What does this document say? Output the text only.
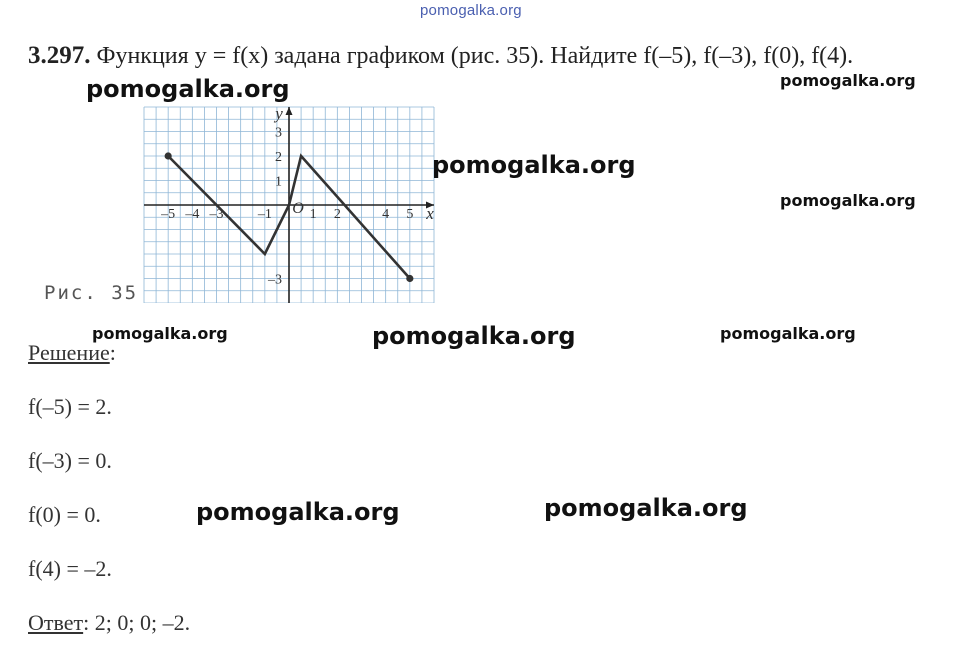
pomogalka.org
3.297. Функция y = f(x) задана графиком (рис. 35). Найдите f(–5), f(–3), f(0), f(4).
–5 –4 –3 –1	1 2	4 5
3
2
1
–3
x
y
O
Рис. 35
pomogalka.org	pomogalka.org
pomogalka.org
pomogalka.org
pomogalka.org	pomogalka.org	pomogalka.org
pomogalka.org	pomogalka.org
Решение:
f(–5) = 2.
f(–3) = 0.
f(0) = 0.
f(4) = –2.
Ответ: 2; 0; 0; –2.
